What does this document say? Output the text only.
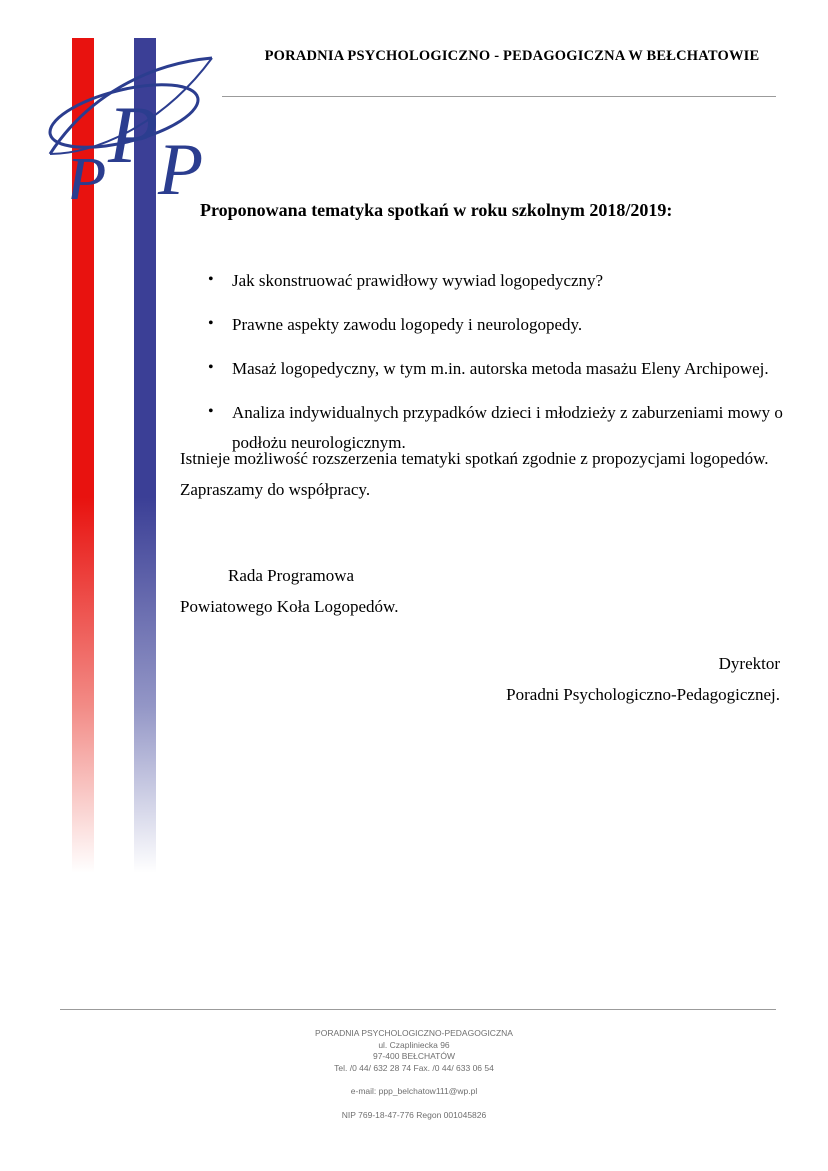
P
P P
PORADNIA PSYCHOLOGICZNO - PEDAGOGICZNA W BEŁCHATOWIE
Proponowana tematyka spotkań w roku szkolnym 2018/2019:
• Jak skonstruować prawidłowy wywiad logopedyczny?
• Prawne aspekty zawodu logopedy i neurologopedy.
• Masaż logopedyczny, w tym m.in. autorska metoda masażu Eleny Archipowej.
• Analiza indywidualnych przypadków dzieci i młodzieży z zaburzeniami mowy o podłożu neurologicznym.
Istnieje możliwość rozszerzenia tematyki spotkań zgodnie z propozycjami logopedów.
Zapraszamy do współpracy.
Rada Programowa
Powiatowego Koła Logopedów.
Dyrektor
Poradni Psychologiczno-Pedagogicznej.
PORADNIA PSYCHOLOGICZNO-PEDAGOGICZNA
ul. Czapliniecka 96
97-400 BEŁCHATÓW
Tel. /0 44/ 632 28 74 Fax. /0 44/ 633 06 54
e-mail: ppp_belchatow111@wp.pl
NIP 769-18-47-776 Regon 001045826
